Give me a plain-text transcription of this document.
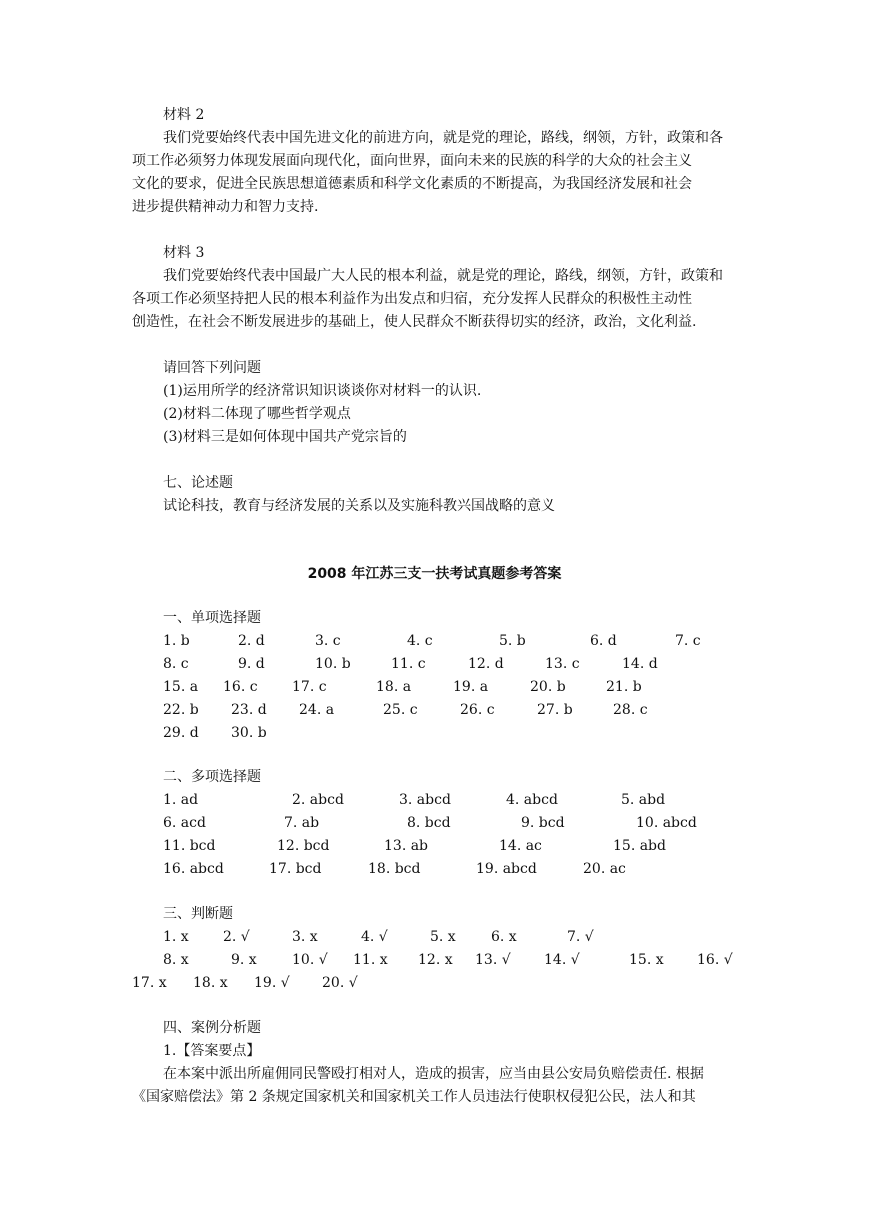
材料 2
我们党要始终代表中国先进文化的前进方向，就是党的理论，路线，纲领，方针，政策和各
项工作必须努力体现发展面向现代化，面向世界，面向未来的民族的科学的大众的社会主义
文化的要求，促进全民族思想道德素质和科学文化素质的不断提高，为我国经济发展和社会
进步提供精神动力和智力支持.
材料 3
我们党要始终代表中国最广大人民的根本利益，就是党的理论，路线，纲领，方针，政策和
各项工作必须坚持把人民的根本利益作为出发点和归宿，充分发挥人民群众的积极性主动性
创造性，在社会不断发展进步的基础上，使人民群众不断获得切实的经济，政治，文化利益.
请回答下列问题
(1)运用所学的经济常识知识谈谈你对材料一的认识.
(2)材料二体现了哪些哲学观点
(3)材料三是如何体现中国共产党宗旨的
七、论述题
试论科技，教育与经济发展的关系以及实施科教兴国战略的意义
2008 年江苏三支一扶考试真题参考答案
一、单项选择题
1. b	2. d	3. c	4. c	5. b	6. d	7. c
8. c	9. d	10. b	11. c	12. d	13. c	14. d
15. a 16. c 17. c	18. a	19. a	20. b	21. b
22. b 23. d 24. a	25. c	26. c	27. b	28. c
29. d 30. b
二、多项选择题
1. ad	2. abcd	3. abcd	4. abcd	5. abd
6. acd	7. ab	8. bcd	9. bcd	10. abcd
11. bcd	12. bcd	13. ab	14. ac	15. abd
16. abcd	17. bcd	18. bcd	19. abcd	20. ac
三、判断题
1. x 2. √	3. x	4. √	5. x	6. x	7. √
8. x	9. x	10. √ 11. x 12. x 13. √ 14. √	15. x 16. √
17. x 18. x 19. √ 20. √
四、案例分析题
1.【答案要点】
在本案中派出所雇佣同民警殴打相对人，造成的损害，应当由县公安局负赔偿责任. 根据
《国家赔偿法》第 2 条规定国家机关和国家机关工作人员违法行使职权侵犯公民，法人和其
